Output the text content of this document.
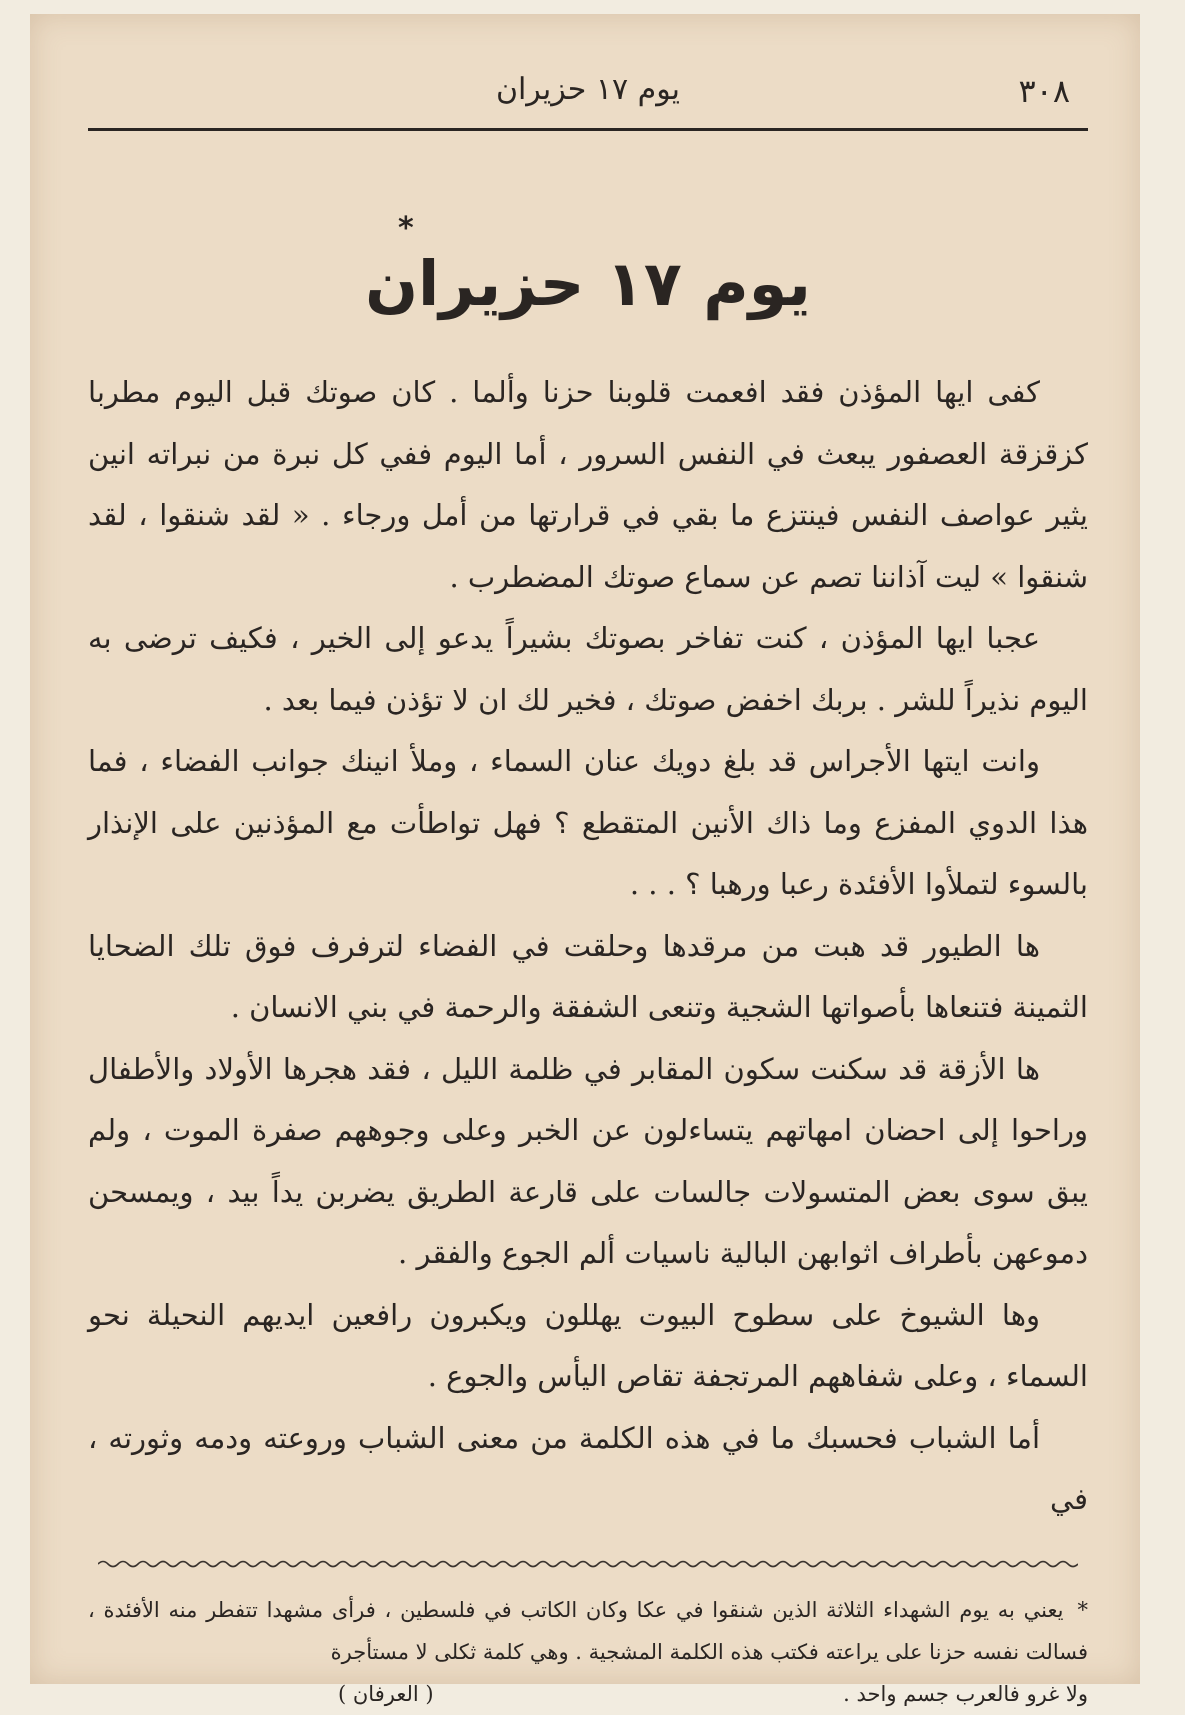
٣٠٨
يوم ١٧ حزيران
يوم ١٧ حزيران
*

كفى ايها المؤذن فقد افعمت قلوبنا حزنا وألما . كان صوتك قبل اليوم مطربا كزقزقة العصفور يبعث في النفس السرور ، أما اليوم ففي كل نبرة من نبراته انين يثير عواصف النفس فينتزع ما بقي في قرارتها من أمل ورجاء . « لقد شنقوا ، لقد شنقوا » ليت آذاننا تصم عن سماع صوتك المضطرب .

عجبا ايها المؤذن ، كنت تفاخر بصوتك بشيراً يدعو إلى الخير ، فكيف ترضى به اليوم نذيراً للشر . بربك اخفض صوتك ، فخير لك ان لا تؤذن فيما بعد .

وانت ايتها الأجراس قد بلغ دويك عنان السماء ، وملأ انينك جوانب الفضاء ، فما هذا الدوي المفزع وما ذاك الأنين المتقطع ؟ فهل تواطأت مع المؤذنين على الإنذار بالسوء لتملأوا الأفئدة رعبا ورهبا ؟ . . .

ها الطيور قد هبت من مرقدها وحلقت في الفضاء لترفرف فوق تلك الضحايا الثمينة فتنعاها بأصواتها الشجية وتنعى الشفقة والرحمة في بني الانسان .

ها الأزقة قد سكنت سكون المقابر في ظلمة الليل ، فقد هجرها الأولاد والأطفال وراحوا إلى احضان امهاتهم يتساءلون عن الخبر وعلى وجوههم صفرة الموت ، ولم يبق سوى بعض المتسولات جالسات على قارعة الطريق يضربن يداً بيد ، ويمسحن دموعهن بأطراف اثوابهن البالية ناسيات ألم الجوع والفقر .

وها الشيوخ على سطوح البيوت يهللون ويكبرون رافعين ايديهم النحيلة نحو السماء ، وعلى شفاههم المرتجفة تقاص اليأس والجوع .

أما الشباب فحسبك ما في هذه الكلمة من معنى الشباب وروعته ودمه وثورته ، في

*يعني به يوم الشهداء الثلاثة الذين شنقوا في عكا وكان الكاتب في فلسطين ، فرأى مشهدا تتفطر منه الأفئدة ، فسالت نفسه حزنا على يراعته فكتب هذه الكلمة المشجية . وهي كلمة ثكلى لا مستأجرة

ولا غرو فالعرب جسم واحد .
( العرفان )
